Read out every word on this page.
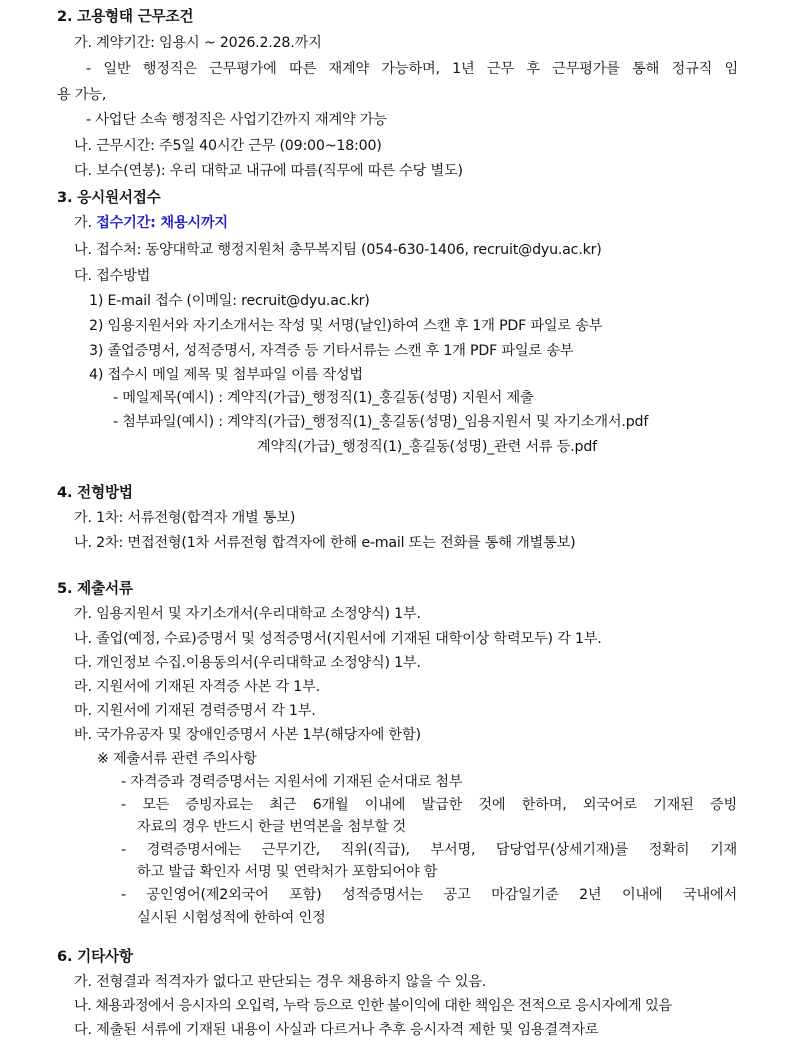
2. 고용형태 근무조건
가. 계약기간: 임용시 ~ 2026.2.28.까지
- 일반 행정직은 근무평가에 따른 재계약 가능하며, 1년 근무 후 근무평가를 통해 정규직 임
용 가능,
- 사업단 소속 행정직은 사업기간까지 재계약 가능
나. 근무시간: 주5일 40시간 근무 (09:00~18:00)
다. 보수(연봉): 우리 대학교 내규에 따름(직무에 따른 수당 별도)
3. 응시원서접수
가. 접수기간: 채용시까지
나. 접수처: 동양대학교 행정지원처 총무복지팀 (054-630-1406, recruit@dyu.ac.kr)
다. 접수방법
1) E-mail 접수 (이메일: recruit@dyu.ac.kr)
2) 임용지원서와 자기소개서는 작성 및 서명(날인)하여 스캔 후 1개 PDF 파일로 송부
3) 졸업증명서, 성적증명서, 자격증 등 기타서류는 스캔 후 1개 PDF 파일로 송부
4) 접수시 메일 제목 및 첨부파일 이름 작성법
- 메일제목(예시) : 계약직(가급)_행정직(1)_홍길동(성명) 지원서 제출
- 첨부파일(예시) : 계약직(가급)_행정직(1)_홍길동(성명)_임용지원서 및 자기소개서.pdf
계약직(가급)_행정직(1)_홍길동(성명)_관련 서류 등.pdf
4. 전형방법
가. 1차: 서류전형(합격자 개별 통보)
나. 2차: 면접전형(1차 서류전형 합격자에 한해 e-mail 또는 전화를 통해 개별통보)
5. 제출서류
가. 임용지원서 및 자기소개서(우리대학교 소정양식) 1부.
나. 졸업(예정, 수료)증명서 및 성적증명서(지원서에 기재된 대학이상 학력모두) 각 1부.
다. 개인정보 수집.이용동의서(우리대학교 소정양식) 1부.
라. 지원서에 기재된 자격증 사본 각 1부.
마. 지원서에 기재된 경력증명서 각 1부.
바. 국가유공자 및 장애인증명서 사본 1부(해당자에 한함)
※ 제출서류 관련 주의사항
- 자격증과 경력증명서는 지원서에 기재된 순서대로 첨부
- 모든 증빙자료는 최근 6개월 이내에 발급한 것에 한하며, 외국어로 기재된 증빙
자료의 경우 반드시 한글 번역본을 첨부할 것
- 경력증명서에는 근무기간, 직위(직급), 부서명, 담당업무(상세기재)를 정확히 기재
하고 발급 확인자 서명 및 연락처가 포함되어야 함
- 공인영어(제2외국어 포함) 성적증명서는 공고 마감일기준 2년 이내에 국내에서
실시된 시험성적에 한하여 인정
6. 기타사항
가. 전형결과 적격자가 없다고 판단되는 경우 채용하지 않을 수 있음.
나. 채용과정에서 응시자의 오입력, 누락 등으로 인한 불이익에 대한 책임은 전적으로 응시자에게 있음
다. 제출된 서류에 기재된 내용이 사실과 다르거나 추후 응시자격 제한 및 임용결격자로
